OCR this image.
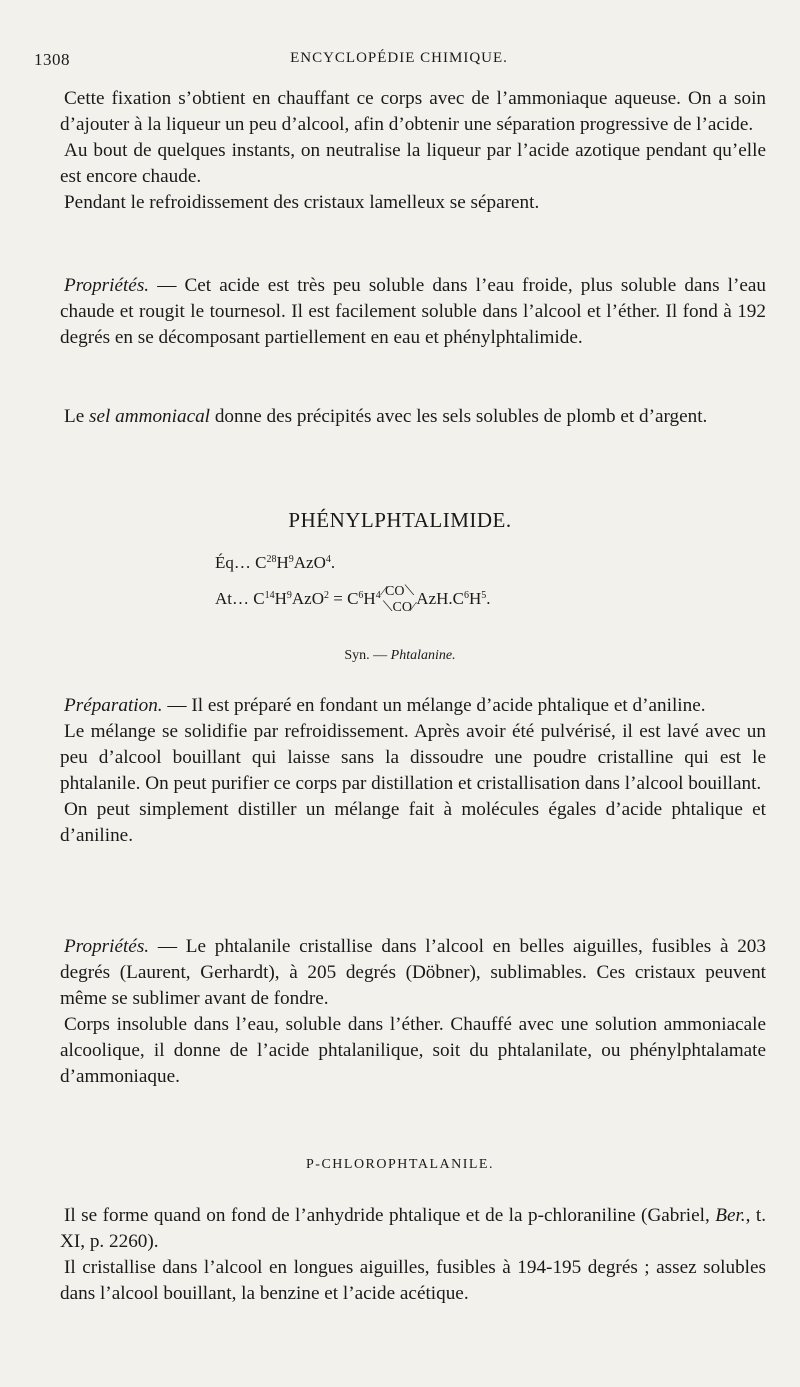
1308	ENCYCLOPÉDIE CHIMIQUE.

Cette fixation s’obtient en chauffant ce corps avec de l’ammoniaque aqueuse. On a soin d’ajouter à la liqueur un peu d’alcool, afin d’obtenir une séparation progressive de l’acide.

Au bout de quelques instants, on neutralise la liqueur par l’acide azotique pendant qu’elle est encore chaude.

Pendant le refroidissement des cristaux lamelleux se séparent.

Propriétés. — Cet acide est très peu soluble dans l’eau froide, plus soluble dans l’eau chaude et rougit le tournesol. Il est facilement soluble dans l’alcool et l’éther. Il fond à 192 degrés en se décomposant partiellement en eau et phénylphtalimide.

Le sel ammoniacal donne des précipités avec les sels solubles de plomb et d’argent.

PHÉNYLPHTALIMIDE.
Éq… $C^{28}H^9AzO^4$.
At… $C^{14}H^9AzO^2 = C^6H^4$ ⁄CO⟍
⟍CO⁄ $AzH.C^6H^5$.
Syn. — Phtalanine.

Préparation. — Il est préparé en fondant un mélange d’acide phtalique et d’aniline.

Le mélange se solidifie par refroidissement. Après avoir été pulvérisé, il est lavé avec un peu d’alcool bouillant qui laisse sans la dissoudre une poudre cristalline qui est le phtalanile. On peut purifier ce corps par distillation et cristallisation dans l’alcool bouillant.

On peut simplement distiller un mélange fait à molécules égales d’acide phtalique et d’aniline.

Propriétés. — Le phtalanile cristallise dans l’alcool en belles aiguilles, fusibles à 203 degrés (Laurent, Gerhardt), à 205 degrés (Döbner), sublimables. Ces cristaux peuvent même se sublimer avant de fondre.

Corps insoluble dans l’eau, soluble dans l’éther. Chauffé avec une solution ammoniacale alcoolique, il donne de l’acide phtalanilique, soit du phtalanilate, ou phénylphtalamate d’ammoniaque.

P-CHLOROPHTALANILE.

Il se forme quand on fond de l’anhydride phtalique et de la p-chloraniline (Gabriel, Ber., t. XI, p. 2260).

Il cristallise dans l’alcool en longues aiguilles, fusibles à 194-195 degrés ; assez solubles dans l’alcool bouillant, la benzine et l’acide acétique.
